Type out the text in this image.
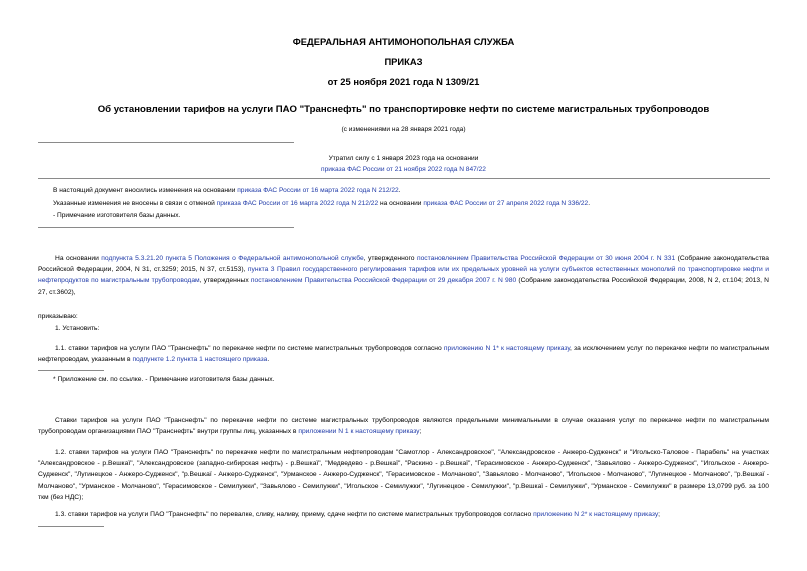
ФЕДЕРАЛЬНАЯ АНТИМОНОПОЛЬНАЯ СЛУЖБА

ПРИКАЗ

от 25 ноября 2021 года N 1309/21

Об установлении тарифов на услуги ПАО "Транснефть" по транспортировке нефти по системе магистральных трубопроводов

(с изменениями на 28 января 2021 года)

Утратил силу с 1 января 2023 года на основании

приказа ФАС России от 21 ноября 2022 года N 847/22

В настоящий документ вносились изменения на основании приказа ФАС России от 16 марта 2022 года N 212/22.

Указанные изменения не вносены в связи с отменой приказа ФАС России от 16 марта 2022 года N 212/22 на основании приказа ФАС России от 27 апреля 2022 года N 336/22.

- Примечание изготовителя базы данных.

На основании подпункта 5.3.21.20 пункта 5 Положения о Федеральной антимонопольной службе, утвержденного постановлением Правительства Российской Федерации от 30 июня 2004 г. N 331 (Собрание законодательства Российской Федерации, 2004, N 31, ст.3259; 2015, N 37, ст.5153), пункта 3 Правил государственного регулирования тарифов или их предельных уровней на услуги субъектов естественных монополий по транспортировке нефти и нефтепродуктов по магистральным трубопроводам, утвержденных постановлением Правительства Российской Федерации от 29 декабря 2007 г. N 980 (Собрание законодательства Российской Федерации, 2008, N 2, ст.104; 2013, N 27, ст.3602),

приказываю:

1. Установить:

1.1. ставки тарифов на услуги ПАО "Транснефть" по перекачке нефти по системе магистральных трубопроводов согласно приложению N 1* к настоящему приказу, за исключением услуг по перекачке нефти по магистральным нефтепроводам, указанным в подпункте 1.2 пункта 1 настоящего приказа.

* Приложение см. по ссылке. - Примечание изготовителя базы данных.

Ставки тарифов на услуги ПАО "Транснефть" по перекачке нефти по системе магистральных трубопроводов являются предельными минимальными в случае оказания услуг по перекачке нефти по магистральным трубопроводам организациями ПАО "Транснефть" внутри группы лиц, указанных в приложении N 1 к настоящему приказу;

1.2. ставки тарифов на услуги ПАО "Транснефть" по перекачке нефти по магистральным нефтепроводам "Самотлор - Александровское", "Александровское - Анжеро-Судженск" и "Игольско-Таловое - Парабель" на участках "Александровское - р.Вешкаї", "Александровское (западно-сибирская нефть) - р.Вешкаї", "Медведево - р.Вешкаї", "Раскино - р.Вешкаї", "Герасимовское - Анжеро-Судженск", "Завьялово - Анжеро-Судженск", "Игольское - Анжеро-Судженск", "Лугинецкое - Анжеро-Судженск", "р.Вешкаї - Анжеро-Судженск", "Урманское - Анжеро-Судженск", "Герасимовское - Молчаново", "Завьялово - Молчаново", "Игольское - Молчаново", "Лугинецкое - Молчаново", "р.Вешкаї - Молчаново", "Урманское - Молчаново", "Герасимовское - Семилужки", "Завьялово - Семилужки", "Игольское - Семилужки", "Лугинецкое - Семилужки", "р.Вешкаї - Семилужки", "Урманское - Семилужки" в размере 13,0799 руб. за 100 ткм (без НДС);

1.3. ставки тарифов на услуги ПАО "Транснефть" по перевалке, сливу, наливу, приему, сдаче нефти по системе магистральных трубопроводов согласно приложению N 2* к настоящему приказу;
